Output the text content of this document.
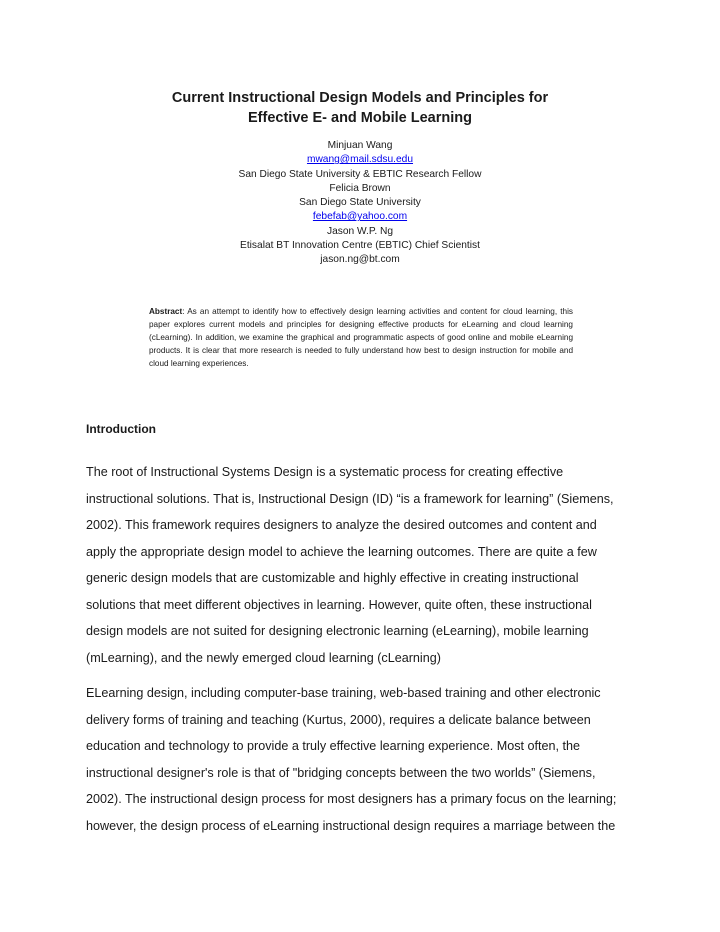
Current Instructional Design Models and Principles for
Effective E- and Mobile Learning
Minjuan Wang
mwang@mail.sdsu.edu
San Diego State University & EBTIC Research Fellow
Felicia Brown
San Diego State University
febefab@yahoo.com
Jason W.P. Ng
Etisalat BT Innovation Centre (EBTIC) Chief Scientist
jason.ng@bt.com
Abstract: As an attempt to identify how to effectively design learning activities and content for cloud learning, this paper explores current models and principles for designing effective products for eLearning and cloud learning (cLearning). In addition, we examine the graphical and programmatic aspects of good online and mobile eLearning products. It is clear that more research is needed to fully understand how best to design instruction for mobile and cloud learning experiences.
Introduction
The root of Instructional Systems Design is a systematic process for creating effective
instructional solutions. That is, Instructional Design (ID) “is a framework for learning” (Siemens,
2002). This framework requires designers to analyze the desired outcomes and content and
apply the appropriate design model to achieve the learning outcomes. There are quite a few
generic design models that are customizable and highly effective in creating instructional
solutions that meet different objectives in learning. However, quite often, these instructional
design models are not suited for designing electronic learning (eLearning), mobile learning
(mLearning), and the newly emerged cloud learning (cLearning)
ELearning design, including computer-base training, web-based training and other electronic
delivery forms of training and teaching (Kurtus, 2000), requires a delicate balance between
education and technology to provide a truly effective learning experience. Most often, the
instructional designer's role is that of "bridging concepts between the two worlds” (Siemens,
2002). The instructional design process for most designers has a primary focus on the learning;
however, the design process of eLearning instructional design requires a marriage between the
